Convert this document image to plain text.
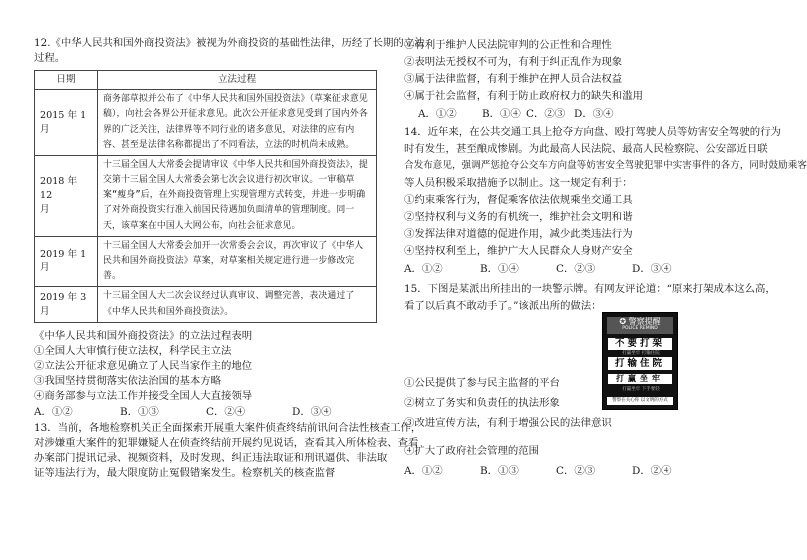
12.《中华人民共和国外商投资法》被视为外商投资的基础性法律，历经了长期的立法

过程。

日期	立法过程

2015 年 1
月	商务部草拟并公布了《中华人民共和国外国投资法》（草案征求意见稿），向社会各界公开征求意见。此次公开征求意见受到了国内外各界的广泛关注，法律界等不同行业的诸多意见，对法律的应有内容、甚至是法律名称都提出了不同看法，立法的时机尚未成熟。

2018 年 12
月	十三届全国人大常委会提请审议《中华人民共和国外商投资法》，提交第十三届全国人大常委会第七次会议进行初次审议。一审稿草案“瘦身”后，在外商投资管理上实现管理方式转变，并进一步明确了对外商投资实行准入前国民待遇加负面清单的管理制度。同一天，该草案在中国人大网公布，向社会征求意见。

2019 年 1
月	十三届全国人大常委会加开一次常委会会议，再次审议了《中华人民共和国外商投资法》草案，对草案相关规定进行进一步修改完善。

2019 年 3
月	十三届全国人大二次会议经过认真审议、调整完善，表决通过了《中华人民共和国外商投资法》。

《中华人民共和国外商投资法》的立法过程表明

①全国人大审慎行使立法权，科学民主立法

②立法公开征求意见确立了人民当家作主的地位

③我国坚持贯彻落实依法治国的基本方略

④商务部参与立法工作并接受全国人大直接领导

A．①②	B．①③	C．②④	D．③④

13．当前，各地检察机关正全面探索开展重大案件侦查终结前讯问合法性核查工作，

对涉嫌重大案件的犯罪嫌疑人在侦查终结前开展约见说话，查看其入所体检表、查看

办案部门提讯记录、视频资料，及时发现、纠正违法取证和刑讯逼供、非法取

证等违法行为，最大限度防止冤假错案发生。检察机关的核查监督

①有利于维护人民法院审判的公正性和合理性

②表明法无授权不可为，有利于纠正乱作为现象

③属于法律监督，有利于维护在押人员合法权益

④属于社会监督，有利于防止政府权力的缺失和滥用

A．①②	B．①④ C．②③ D．③④

14．近年来，在公共交通工具上抢夺方向盘、殴打驾驶人员等妨害安全驾驶的行为

时有发生，甚至酿成惨剧。为此最高人民法院、最高人民检察院、公安部近日联

合发布意见，强调严惩抢夺公交车方向盘等妨害安全驾驶犯罪中实害事件的各方，同时鼓励乘客

等人员积极采取措施予以制止。这一规定有利于：

①约束乘客行为，督促乘客依法依规乘坐交通工具

②坚持权利与义务的有机统一，维护社会文明和谐

③发挥法律对道德的促进作用，减少此类违法行为

④坚持权利至上，维护广大人民群众人身财产安全

A．①②	B．①④	C．②③	D．③④

15．下图是某派出所挂出的一块警示牌。有网友评论道：“原来打架成本这么高，

看了以后真不敢动手了。”该派出所的做法：

①公民提供了参与民主监督的平台

②树立了务实和负责任的执法形象

③改进宣传方法，有利于增强公民的法律意识

④扩大了政府社会管理的范围

A．①②	B．①③	C．②③	D．②④
✪ 警察提醒
POLICE REMIND
不要打架
打赢坐牢 打输住院
打输住院
打赢坐牢
打赢坐牢 下手要轻
警察在关心你 以文明的方式
